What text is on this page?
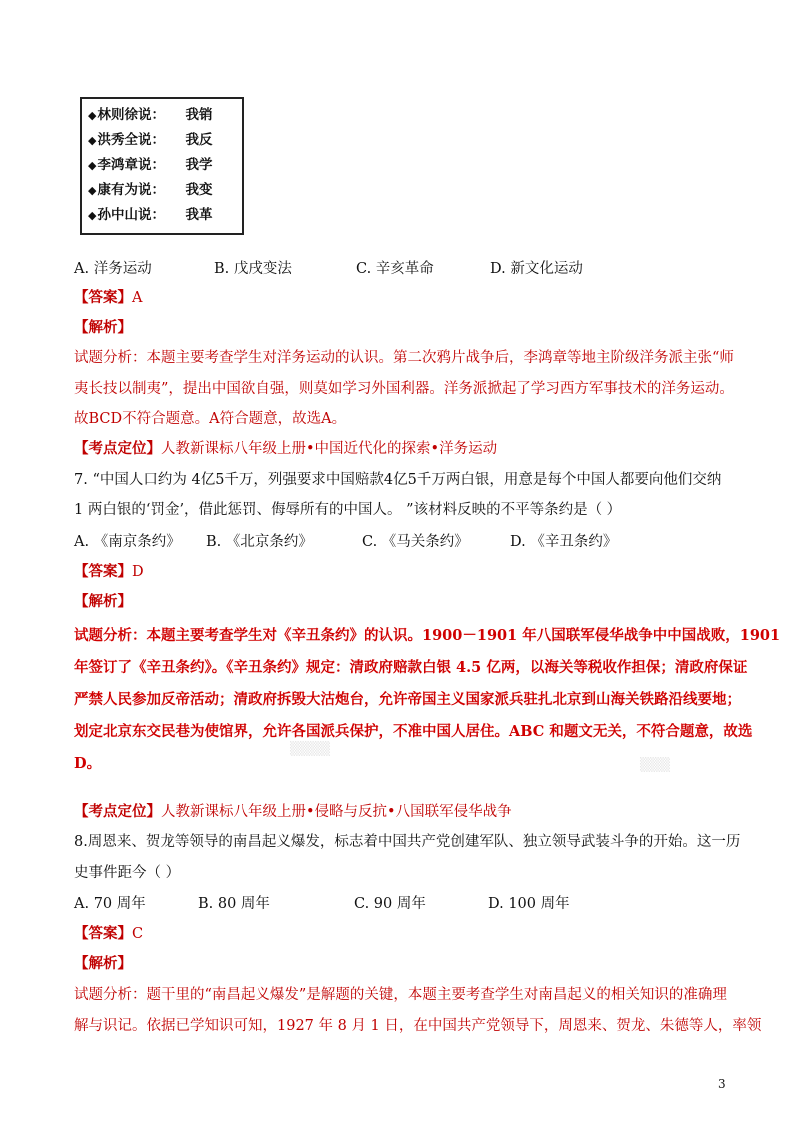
◆林则徐说： 我销
◆洪秀全说： 我反
◆李鸿章说： 我学
◆康有为说： 我变
◆孙中山说： 我革
A. 洋务运动	B. 戊戌变法	C. 辛亥革命	D. 新文化运动
【答案】A
【解析】
试题分析：本题主要考查学生对洋务运动的认识。第二次鸦片战争后，李鸿章等地主阶级洋务派主张“师
夷长技以制夷”，提出中国欲自强，则莫如学习外国利器。洋务派掀起了学习西方军事技术的洋务运动。
故BCD不符合题意。A符合题意，故选A。
【考点定位】人教新课标八年级上册•中国近代化的探索•洋务运动
7. “中国人口约为 4亿5千万，列强要求中国赔款4亿5千万两白银，用意是每个中国人都要向他们交纳
1 两白银的‘罚金’，借此惩罚、侮辱所有的中国人。 ”该材料反映的不平等条约是（ ）
A. 《南京条约》 B. 《北京条约》	C. 《马关条约》	D. 《辛丑条约》
【答案】D
【解析】
▒▒▒▒
▒▒▒
试题分析：本题主要考查学生对《辛丑条约》的认识。1900－1901 年八国联军侵华战争中中国战败，1901
年签订了《辛丑条约》。《辛丑条约》规定：清政府赔款白银 4.5 亿两，以海关等税收作担保；清政府保证
严禁人民参加反帝活动；清政府拆毁大沽炮台，允许帝国主义国家派兵驻扎北京到山海关铁路沿线要地；
划定北京东交民巷为使馆界，允许各国派兵保护，不准中国人居住。ABC 和题文无关，不符合题意，故选
D。
【考点定位】人教新课标八年级上册•侵略与反抗•八国联军侵华战争
8.周恩来、贺龙等领导的南昌起义爆发，标志着中国共产党创建军队、独立领导武装斗争的开始。这一历
史事件距今（ ）
A. 70 周年	B. 80 周年	C. 90 周年	D. 100 周年
【答案】C
【解析】
试题分析：题干里的“南昌起义爆发”是解题的关键，本题主要考查学生对南昌起义的相关知识的准确理
解与识记。依据已学知识可知，1927 年 8 月 1 日，在中国共产党领导下，周恩来、贺龙、朱德等人，率领
3
